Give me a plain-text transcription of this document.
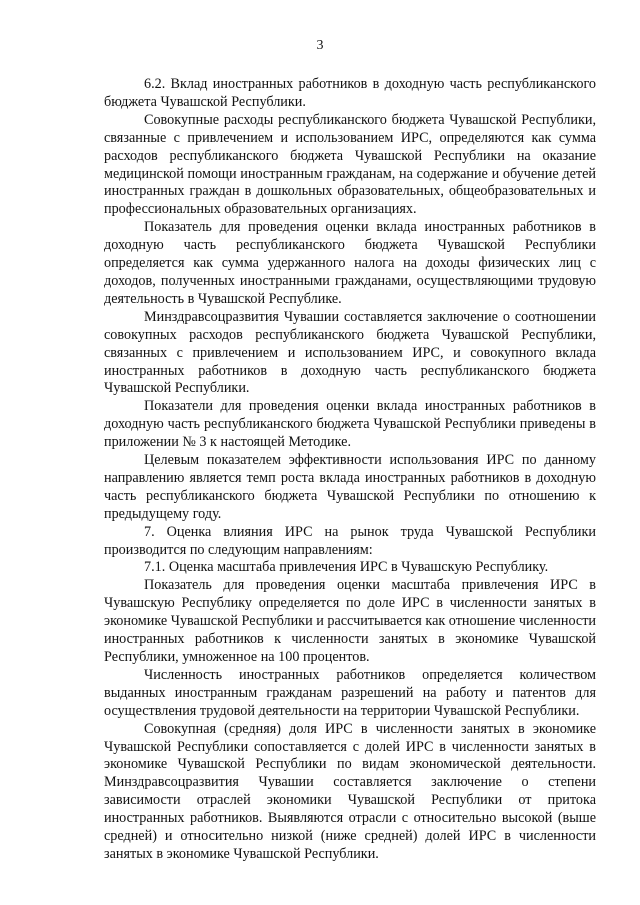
3

6.2. Вклад иностранных работников в доходную часть республиканского бюджета Чувашской Республики.

Совокупные расходы республиканского бюджета Чувашской Республики, связанные с привлечением и использованием ИРС, определяются как сумма расходов республиканского бюджета Чувашской Республики на оказание медицинской помощи иностранным гражданам, на содержание и обучение детей иностранных граждан в дошкольных образовательных, общеобразовательных и профессиональных образовательных организациях.

Показатель для проведения оценки вклада иностранных работников в доходную часть республиканского бюджета Чувашской Республики определяется как сумма удержанного налога на доходы физических лиц с доходов, полученных иностранными гражданами, осуществляющими трудовую деятельность в Чувашской Республике.

Минздравсоцразвития Чувашии составляется заключение о соотношении совокупных расходов республиканского бюджета Чувашской Республики, связанных с привлечением и использованием ИРС, и совокупного вклада иностранных работников в доходную часть республиканского бюджета Чувашской Республики.

Показатели для проведения оценки вклада иностранных работников в доходную часть республиканского бюджета Чувашской Республики приведены в приложении № 3 к настоящей Методике.

Целевым показателем эффективности использования ИРС по данному направлению является темп роста вклада иностранных работников в доходную часть республиканского бюджета Чувашской Республики по отношению к предыдущему году.

7. Оценка влияния ИРС на рынок труда Чувашской Республики производится по следующим направлениям:

7.1. Оценка масштаба привлечения ИРС в Чувашскую Республику.

Показатель для проведения оценки масштаба привлечения ИРС в Чувашскую Республику определяется по доле ИРС в численности занятых в экономике Чувашской Республики и рассчитывается как отношение численности иностранных работников к численности занятых в экономике Чувашской Республики, умноженное на 100 процентов.

Численность иностранных работников определяется количеством выданных иностранным гражданам разрешений на работу и патентов для осуществления трудовой деятельности на территории Чувашской Республики.

Совокупная (средняя) доля ИРС в численности занятых в экономике Чувашской Республики сопоставляется с долей ИРС в численности занятых в экономике Чувашской Республики по видам экономической деятельности. Минздравсоцразвития Чувашии составляется заключение о степени зависимости отраслей экономики Чувашской Республики от притока иностранных работников. Выявляются отрасли с относительно высокой (выше средней) и относительно низкой (ниже средней) долей ИРС в численности занятых в экономике Чувашской Республики.
